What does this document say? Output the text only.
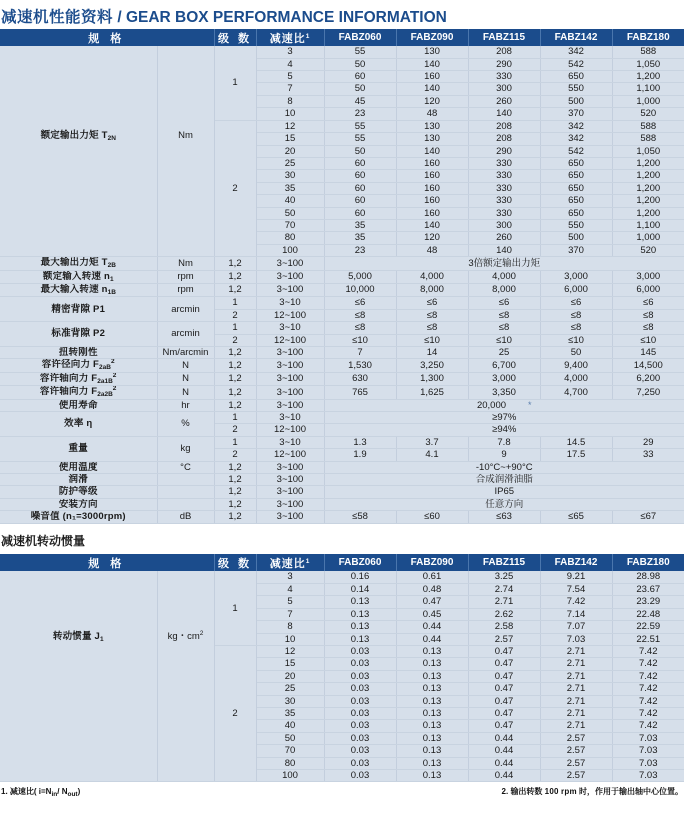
减速机性能资料 / GEAR BOX PERFORMANCE INFORMATION
规 格		级 数	减速比$^1$	FABZ060	FABZ090	FABZ115	FABZ142	FABZ180
额定输出力矩 $T_{2N}$	Nm	1	3	55	130	208	342	588
			4	50	140	290	542	1,050
			5	60	160	330	650	1,200
			7	50	140	300	550	1,100
			8	45	120	260	500	1,000
			10	23	48	140	370	520
		2	12	55	130	208	342	588
			15	55	130	208	342	588
			20	50	140	290	542	1,050
			25	60	160	330	650	1,200
			30	60	160	330	650	1,200
			35	60	160	330	650	1,200
			40	60	160	330	650	1,200
			50	60	160	330	650	1,200
			70	35	140	300	550	1,100
			80	35	120	260	500	1,000
			100	23	48	140	370	520
最大输出力矩 $T_{2B}$	Nm	1,2	3~100	3倍额定输出力矩				
额定输入转速 $n_1$	rpm	1,2	3~100	5,000	4,000	4,000	3,000	3,000
最大输入转速 $n_{1B}$	rpm	1,2	3~100	10,000	8,000	8,000	6,000	6,000
精密背隙 P1	arcmin	1	3~10	≤6	≤6	≤6	≤6	≤6
		2	12~100	≤8	≤8	≤8	≤8	≤8
标准背隙 P2	arcmin	1	3~10	≤8	≤8	≤8	≤8	≤8
		2	12~100	≤10	≤10	≤10	≤10	≤10
扭转刚性	Nm/arcmin	1,2	3~100	7	14	25	50	145
容许径向力 $F_{2aB}^2$	N	1,2	3~100	1,530	3,250	6,700	9,400	14,500
容许轴向力 $F_{2a1B}^2$	N	1,2	3~100	630	1,300	3,000	4,000	6,200
容许轴向力 $F_{2a2B}^2$	N	1,2	3~100	765	1,625	3,350	4,700	7,250
使用寿命	hr	1,2	3~100	20,000 *				
效率 η	%	1	3~10	≥97%				
		2	12~100	≥94%				
重量	kg	1	3~10	1.3	3.7	7.8	14.5	29
		2	12~100	1.9	4.1	9	17.5	33
使用温度	°C	1,2	3~100	-10°C~+90°C				
润滑		1,2	3~100	合成润滑油脂				
防护等级		1,2	3~100	IP65				
安装方向		1,2	3~100	任意方向				
噪音值 (n₁=3000rpm)	dB	1,2	3~100	≤58	≤60	≤63	≤65	≤67
减速机转动惯量
规 格		级 数	减速比$^1$	FABZ060	FABZ090	FABZ115	FABZ142	FABZ180
转动惯量 $J_1$	kg・$cm^2$	1	3	0.16	0.61	3.25	9.21	28.98
			4	0.14	0.48	2.74	7.54	23.67
			5	0.13	0.47	2.71	7.42	23.29
			7	0.13	0.45	2.62	7.14	22.48
			8	0.13	0.44	2.58	7.07	22.59
			10	0.13	0.44	2.57	7.03	22.51
		2	12	0.03	0.13	0.47	2.71	7.42
			15	0.03	0.13	0.47	2.71	7.42
			20	0.03	0.13	0.47	2.71	7.42
			25	0.03	0.13	0.47	2.71	7.42
			30	0.03	0.13	0.47	2.71	7.42
			35	0.03	0.13	0.47	2.71	7.42
			40	0.03	0.13	0.47	2.71	7.42
			50	0.03	0.13	0.44	2.57	7.03
			70	0.03	0.13	0.44	2.57	7.03
			80	0.03	0.13	0.44	2.57	7.03
			100	0.03	0.13	0.44	2.57	7.03
1. 减速比( $i=N_{in}/$ $N_{out}$)	2. 输出转数 100 rpm 时，作用于输出轴中心位置。
